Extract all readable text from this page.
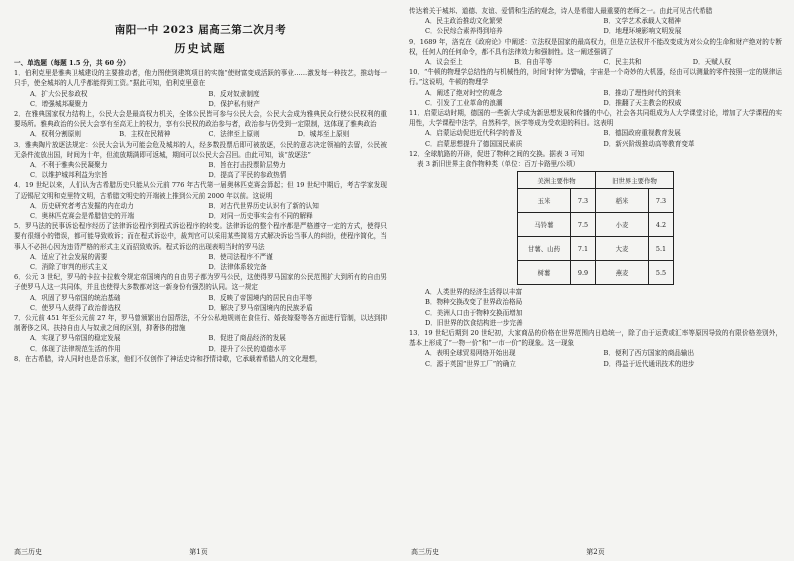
南阳一中 2023 届高三第二次月考
历史试题
一、单选题（每题 1.5 分，共 60 分）
1．伯利克里是雅典卫城建设的主要推动者，他力图使到建筑项目的实施“使财富变成活跃的事业……激发每一种技艺，推动每一只手，使全城邦的人几乎都能得到工资。”据此可知，伯利克里意在
A．扩大公民参政权	B．反对奴隶制度
C．增强城邦凝聚力	D．保护私有财产
2．在雅典国家权力结构上，公民大会是最高权力机关，全体公民皆可参与公民大会，公民大会成为雅典民众行使公民权利的重要场所。雅典政治的公民大会享有至高无上的权力，享有公民权的政治参与者，政治参与仍受到一定限制，这体现了雅典政治
A．权利分割原则	B．主权在民精神	C．法律至上原则	D．城邦至上原则
3．雅典陶片放逐法规定：公民大会认为可能会危及城邦的人，经多数投票后即可被放逐，公民的意志决定领袖的去留，公民被无条件流放出国，时间为十年，但流放期满即可返城，期间可以公民大会召回。由此可知，该“放逐法”
A．不利于雅典公民凝聚力	B．旨在打击投票阶层势力
C．以维护城邦利益为宗旨	D．提高了平民的参政热情
4．19 世纪以来，人们认为古希腊历史只能从公元前 776 年古代第一届奥林匹克赛会算起；但 19 世纪中期后，考古学家发现了迈锡尼文明和克里特文明，古希腊文明史的开端被上推到公元前 2000 年以前。这说明
A．历史研究者考古发掘的内在动力	B．对古代世界历史认识有了新的认知
C．奥林匹克赛会是希腊信史的开端	D．对同一历史事实会有不同的解释
5．罗马法的民事诉讼程序经历了法律诉讼程序到程式诉讼程序的转变。法律诉讼的整个程序都是严格遵守一定的方式，使得只要有很细小的错误，都可能导致败诉；而在程式诉讼中，裁判官可以采用某些简易方式解决诉讼当事人的纠纷，使程序简化，当事人不必担心因为违背严格的形式主义而招致败诉。程式诉讼的出现表明当时的罗马法
A．适应了社会发展的需要	B．使司法程序不严谨
C．消除了审判的形式主义	D．法律体系较完备
6．公元 3 世纪，罗马的卡拉卡拉敕令规定帝国境内的自由男子都为罗马公民，这使得罗马国家的公民范围扩大到所有的自由男子使罗马人这一共同体，并且也使得大多数都对这一新身份有强烈的认同。这一规定
A．巩固了罗马帝国的统治基础	B．反映了帝国境内的居民自由平等
C．使罗马人获得了政治普选权	D．解决了罗马帝国境内的民族矛盾
7．公元前 451 年至公元前 27 年，罗马曾颁繁出台国帮法，不分公私地规则在食住行、婚丧嫁娶等各方面进行管制，以达到抑制奢侈之风、扶持自由人与奴隶之间的区别，抑奢侈的措施
A．实现了罗马帝国的稳定发展	B．促进了商品经济的发展
C．体现了法律规范生活的作用	D．提升了公民的道德水平
8．在古希腊，诗人同时也是音乐家，他们不仅创作了神话史诗和抒情诗歌，它承载着希腊人的文化理想，
高三历史	第1页
传达着关于城邦、道德、友谊、爱情和生活的观念，诗人是希腊人最重要的老师之一。由此可见古代希腊
A．民主政治推动文化繁荣	B．文学艺术承载人文精神
C．公民综合素养得到培养	D．地理环境影响文明发展
9．1689 年，洛克在《政府论》中阐述：立法权是国家的最高权力，但是立法权并不能改变成为对公众的生命和财产绝对的专断权，任何人的任何命令，都不具有法律效力和强制性。这一阐述强调了
A．议会至上	B．自由平等	C．民主共和	D．天赋人权
10．“牛顿的物理学总结性的与机械性的，时间‘时钟’为譬喻，宇宙是一个奇妙的大机器，经由可以测量的零件按照一定的规律运行。”这说明，牛顿的物理学
A．阐述了绝对时空的观念	B．推动了理性时代的到来
C．引发了工业革命的浪潮	D．推翻了天主教会的权威
11．启蒙运动时期，德国的一些新大学成为新思想发展和传播的中心，社会各共同组成为人大学课堂讨论，增加了大学课程的实用性，大学课程中法学，自然科学，医学等成为受欢迎的科目。这表明
A．启蒙运动促进近代科学的普及	B．德国政府重视教育发展
C．启蒙思想提升了德国国民素质	D．新兴阶级推动高等教育变革
12．全球航路的开辟，促进了物种之间的交换。据表 3 可知
表 3 新旧世界主食作物种类（单位：百万卡路里/公顷）
美洲主要作物		旧世界主要作物	
玉米	7.3	稻米	7.3
马铃薯	7.5	小麦	4.2
甘薯、山药	7.1	大麦	5.1
树薯	9.9	燕麦	5.5
A．人类世界的经济生活得以丰富
B．物种交换改变了世界政治格局
C．美洲人口由于物种交换而增加
D．旧世界的饮食结构进一步完善
13．19 世纪后期到 20 世纪初，大家商品的价格在世界范围内日趋统一，除了由于运费或汇率等原因导致的有限价格差别外，基本上形成了“一物一价”和“一市一价”的现象。这一现象
A．表明全球贸易网络开始出现	B．便利了西方国家的商品输出
C．源于英国“世界工厂”的确立	D．得益于近代通讯技术的进步
高三历史	第2页
